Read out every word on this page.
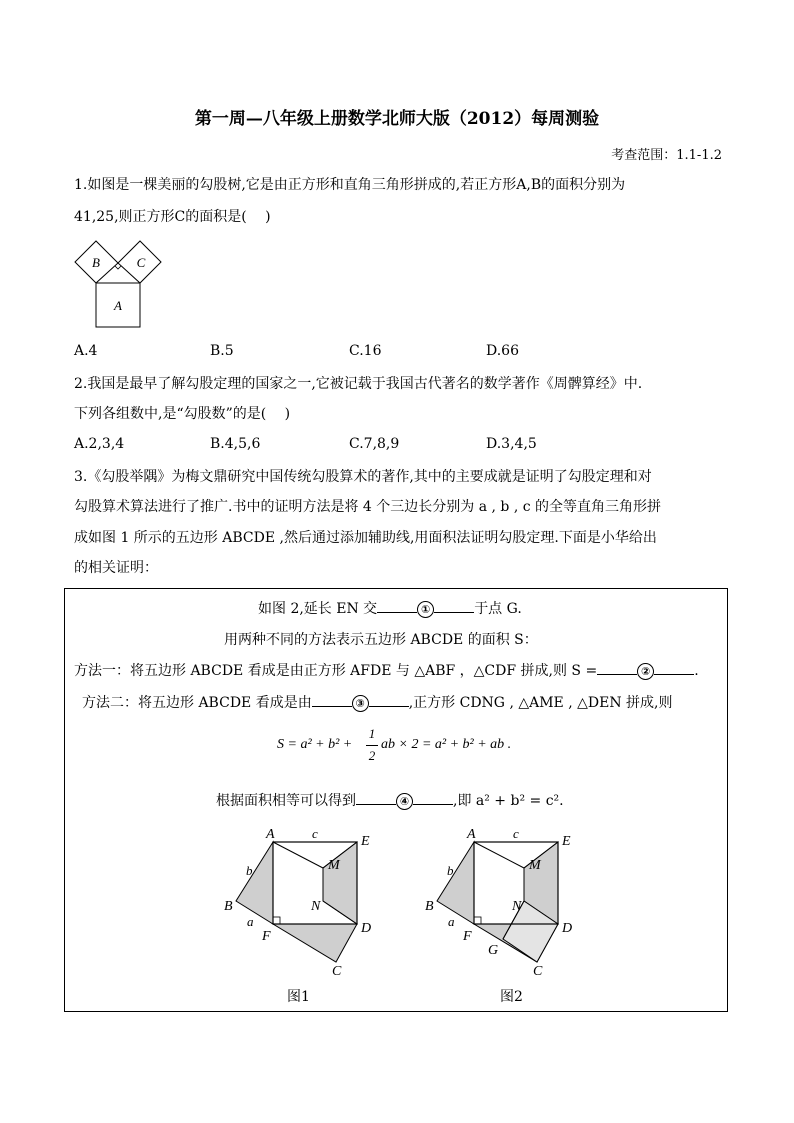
第一周—八年级上册数学北师大版（2012）每周测验
考查范围：1.1-1.2
1.如图是一棵美丽的勾股树,它是由正方形和直角三角形拼成的,若正方形A,B的面积分别为
41,25,则正方形C的面积是(　 )
A
B	C
A.4	B.5	C.16	D.66
2.我国是最早了解勾股定理的国家之一,它被记载于我国古代著名的数学著作《周髀算经》中.
下列各组数中,是“勾股数”的是(　 )
A.2,3,4	B.4,5,6	C.7,8,9	D.3,4,5
3.《勾股举隅》为梅文鼎研究中国传统勾股算术的著作,其中的主要成就是证明了勾股定理和对
勾股算术算法进行了推广.书中的证明方法是将 4 个三边长分别为 a , b , c 的全等直角三角形拼
成如图 1 所示的五边形 ABCDE ,然后通过添加辅助线,用面积法证明勾股定理.下面是小华给出
的相关证明：
如图 2,延长 EN 交	①	于点 G.
用两种不同的方法表示五边形 ABCDE 的面积 S：
方法一：将五边形 ABCDE 看成是由正方形 AFDE 与 △ABF ，△CDF 拼成,则 S =	②	.
方法二：将五边形 ABCDE 看成是由	③	,正方形 CDNG , △AME , △DEN 拼成,则
S = a² + b² +
1
2
ab × 2 = a² + b² + ab .
根据面积相等可以得到	④	,即 a² + b² = c².
A	E
B
D
F
C
M
N
c
b
a
图1
A	E
B
D
F
G
C
M
N
c
b
a
图2
